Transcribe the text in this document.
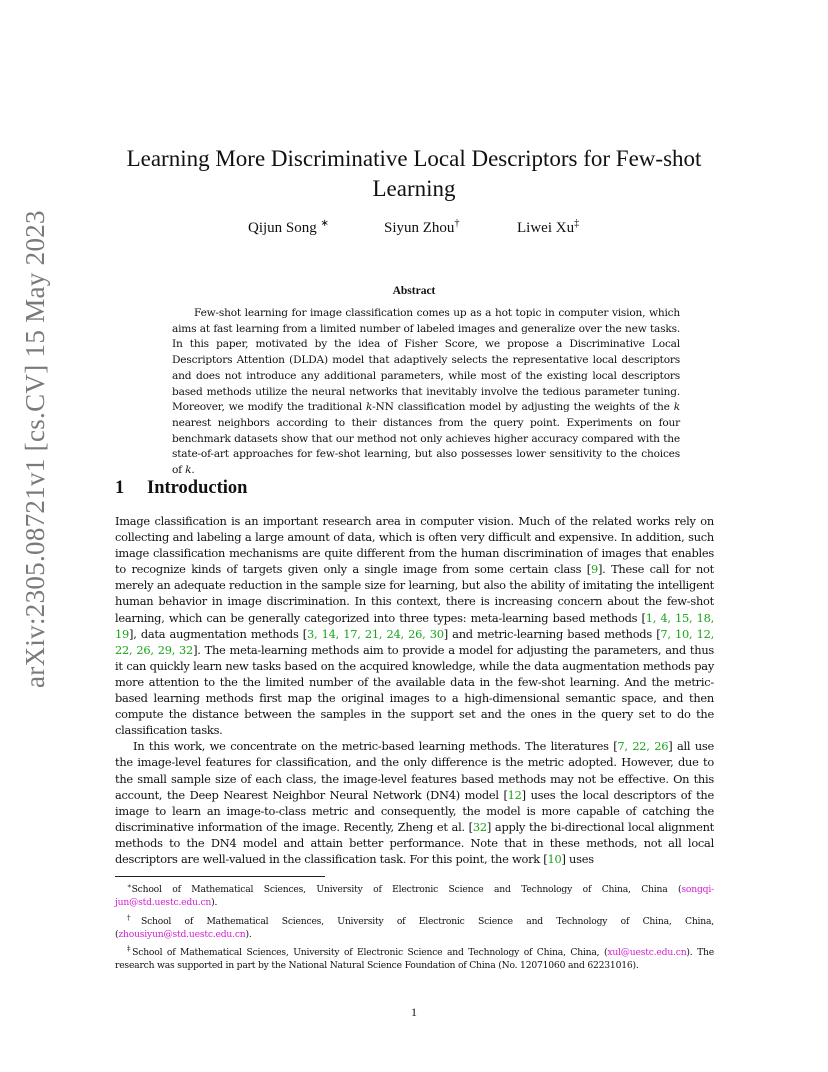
arXiv:2305.08721v1 [cs.CV] 15 May 2023
Learning More Discriminative Local Descriptors for Few-shot
Learning
Qijun Song ∗	Siyun Zhou†	Liwei Xu‡
Abstract

Few-shot learning for image classification comes up as a hot topic in computer vision, which aims at fast learning from a limited number of labeled images and generalize over the new tasks. In this paper, motivated by the idea of Fisher Score, we propose a Discriminative Local Descriptors Attention (DLDA) model that adaptively selects the representative local descriptors and does not introduce any additional parameters, while most of the existing local descriptors based methods utilize the neural networks that inevitably involve the tedious parameter tuning. Moreover, we modify the traditional k-NN classification model by adjusting the weights of the k nearest neighbors according to their distances from the query point. Experiments on four benchmark datasets show that our method not only achieves higher accuracy compared with the state-of-art approaches for few-shot learning, but also possesses lower sensitivity to the choices of k.

1 Introduction

Image classification is an important research area in computer vision. Much of the related works rely on collecting and labeling a large amount of data, which is often very difficult and expensive. In addition, such image classification mechanisms are quite different from the human discrimination of images that enables to recognize kinds of targets given only a single image from some certain class [9]. These call for not merely an adequate reduction in the sample size for learning, but also the ability of imitating the intelligent human behavior in image discrimination. In this context, there is increasing concern about the few-shot learning, which can be generally categorized into three types: meta-learning based methods [1, 4, 15, 18, 19], data augmentation methods [3, 14, 17, 21, 24, 26, 30] and metric-learning based methods [7, 10, 12, 22, 26, 29, 32]. The meta-learning methods aim to provide a model for adjusting the parameters, and thus it can quickly learn new tasks based on the acquired knowledge, while the data augmentation methods pay more attention to the the limited number of the available data in the few-shot learning. And the metric-based learning methods first map the original images to a high-dimensional semantic space, and then compute the distance between the samples in the support set and the ones in the query set to do the classification tasks.

In this work, we concentrate on the metric-based learning methods. The literatures [7, 22, 26] all use the image-level features for classification, and the only difference is the metric adopted. However, due to the small sample size of each class, the image-level features based methods may not be effective. On this account, the Deep Nearest Neighbor Neural Network (DN4) model [12] uses the local descriptors of the image to learn an image-to-class metric and consequently, the model is more capable of catching the discriminative information of the image. Recently, Zheng et al. [32] apply the bi-directional local alignment methods to the DN4 model and attain better performance. Note that in these methods, not all local descriptors are well-valued in the classification task. For this point, the work [10] uses

∗School of Mathematical Sciences, University of Electronic Science and Technology of China, China (songqi-jun@std.uestc.edu.cn).

†School of Mathematical Sciences, University of Electronic Science and Technology of China, China, (zhousiyun@std.uestc.edu.cn).

‡School of Mathematical Sciences, University of Electronic Science and Technology of China, China, (xul@uestc.edu.cn). The research was supported in part by the National Natural Science Foundation of China (No. 12071060 and 62231016).

1
